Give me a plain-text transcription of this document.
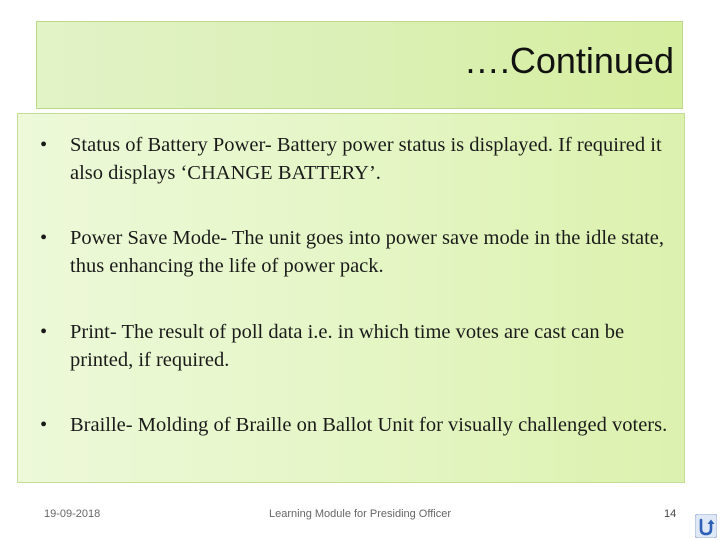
….Continued
• Status of Battery Power- Battery power status is displayed. If required it also displays ‘CHANGE BATTERY’.
• Power Save Mode- The unit goes into power save mode in the idle state, thus enhancing the life of power pack.
• Print- The result of poll data i.e. in which time votes are cast can be printed, if required.
• Braille- Molding of Braille on Ballot Unit for visually challenged voters.
19-09-2018	Learning Module for Presiding Officer	14
